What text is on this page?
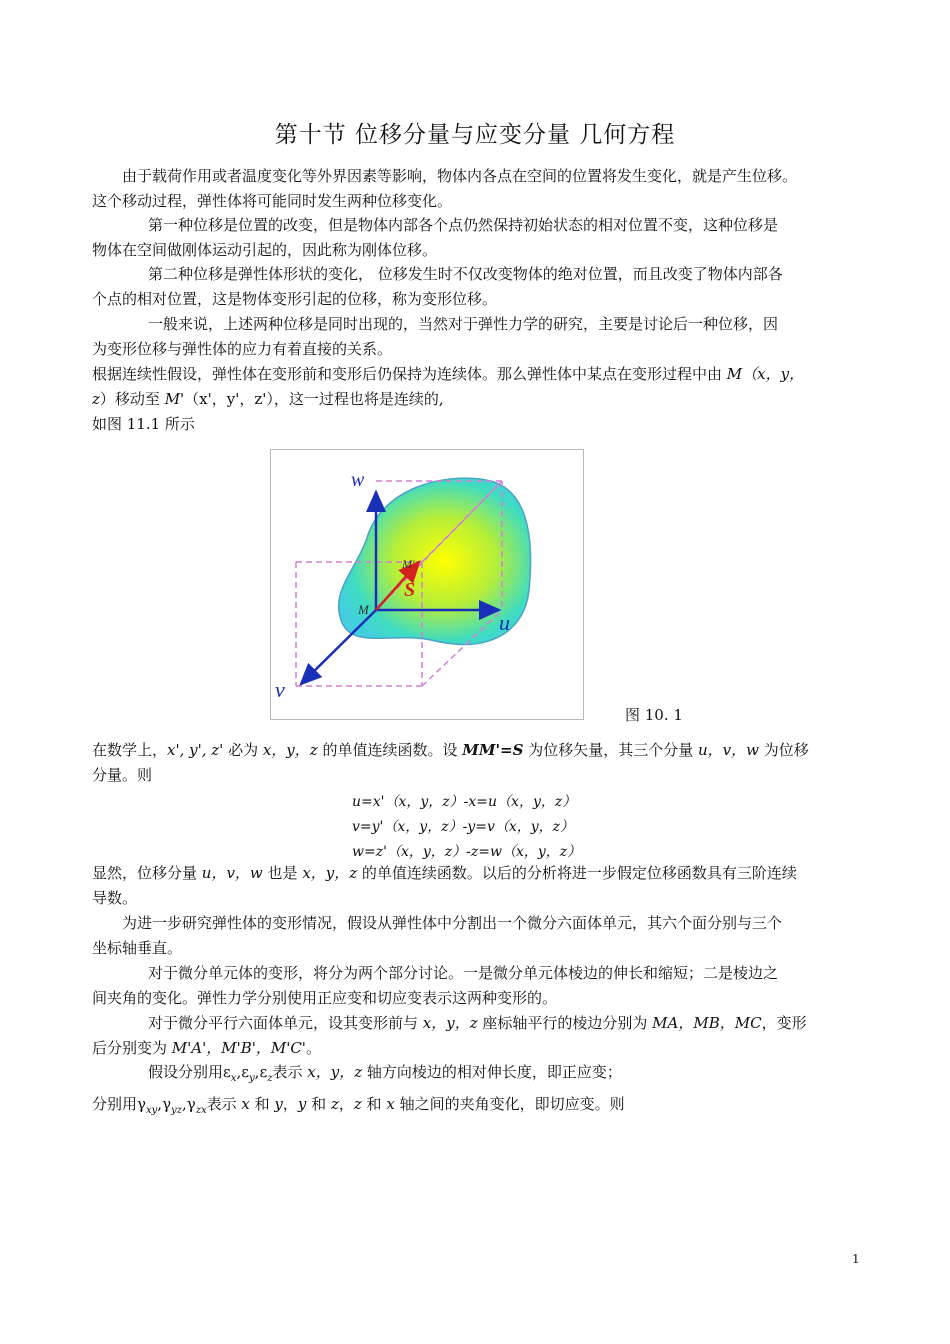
第十节 位移分量与应变分量 几何方程

由于载荷作用或者温度变化等外界因素等影响，物体内各点在空间的位置将发生变化，就是产生位移。
这个移动过程，弹性体将可能同时发生两种位移变化。

第一种位移是位置的改变，但是物体内部各个点仍然保持初始状态的相对位置不变，这种位移是
物体在空间做刚体运动引起的，因此称为刚体位移。

第二种位移是弹性体形状的变化， 位移发生时不仅改变物体的绝对位置，而且改变了物体内部各
个点的相对位置，这是物体变形引起的位移，称为变形位移。

一般来说，上述两种位移是同时出现的，当然对于弹性力学的研究，主要是讨论后一种位移，因
为变形位移与弹性体的应力有着直接的关系。

根据连续性假设，弹性体在变形前和变形后仍保持为连续体。那么弹性体中某点在变形过程中由 M（x，y，
z）移动至 M'（x'，y'，z'），这一过程也将是连续的,

如图 11.1 所示

w
u
v
S
M
M'
图 10. 1

在数学上，x', y', z' 必为 x，y，z 的单值连续函数。设 MM'=S 为位移矢量，其三个分量 u，v，w 为位移
分量。则

u=x'（x，y，z）-x=u（x，y，z）
v=y'（x，y，z）-y=v（x，y，z）
w=z'（x，y，z）-z=w（x，y，z）

显然，位移分量 u，v，w 也是 x，y，z 的单值连续函数。以后的分析将进一步假定位移函数具有三阶连续
导数。

为进一步研究弹性体的变形情况，假设从弹性体中分割出一个微分六面体单元，其六个面分别与三个
坐标轴垂直。

对于微分单元体的变形，将分为两个部分讨论。一是微分单元体棱边的伸长和缩短；二是棱边之
间夹角的变化。弹性力学分别使用正应变和切应变表示这两种变形的。

对于微分平行六面体单元，设其变形前与 x，y，z 座标轴平行的棱边分别为 MA，MB，MC，变形
后分别变为 M'A'，M'B'，M'C'。

假设分别用$\varepsilon_x,\varepsilon_y,\varepsilon_z$表示 x，y，z 轴方向棱边的相对伸长度，即正应变；
分别用$\gamma_{xy},\gamma_{yz},\gamma_{zx}$表示 x 和 y，y 和 z，z 和 x 轴之间的夹角变化，即切应变。则

1
